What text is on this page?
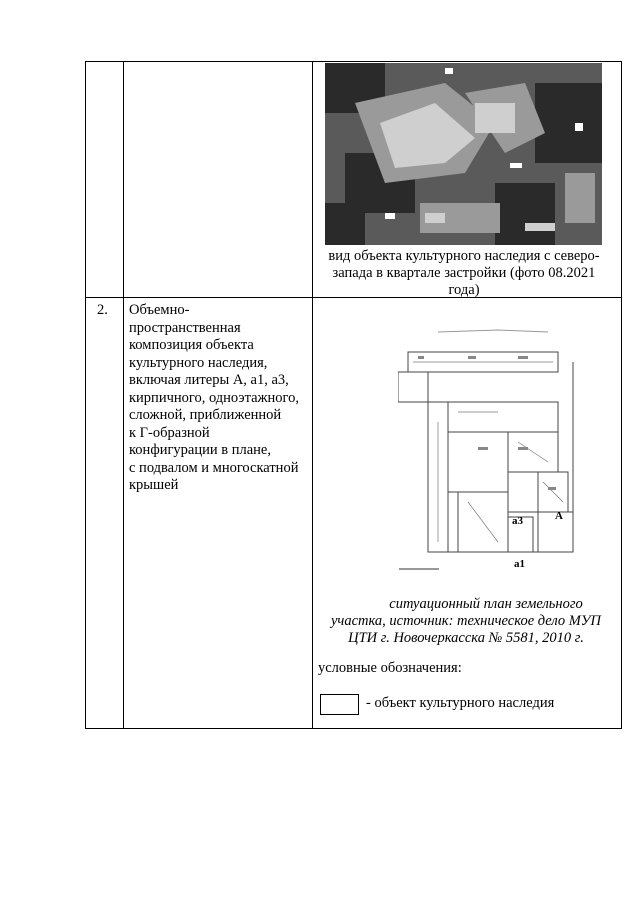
вид объекта культурного наследия с северо-запада в квартале застройки (фото 08.2021 года)
2. Объемно-
пространственная
композиция объекта
культурного наследия,
включая литеры А, а1, а3,
кирпичного, одноэтажного,
сложной, приближенной
к Г-образной
конфигурации в плане,
с подвалом и многоскатной
крышей
а3	А
а1
ситуационный план земельного
участка, источник: техническое дело МУП
ЦТИ г. Новочеркасска № 5581, 2010 г.
условные обозначения:
- объект культурного наследия
